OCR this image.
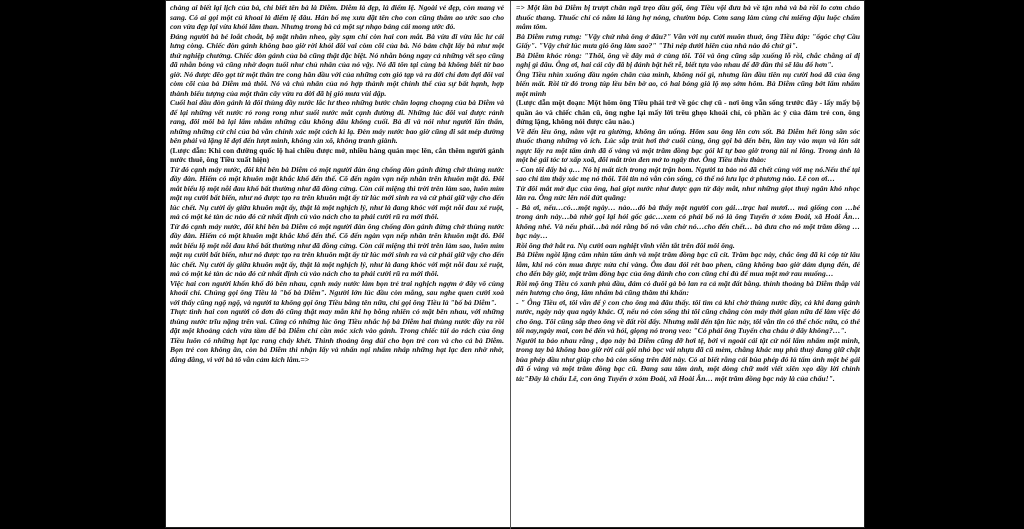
chàng ai biết lại lịch của bà, chỉ biết tên bà là Diễm. Diễm là đẹp, là điểm lệ. Ngoài vẻ đẹp, còn mang vẻ sang. Có ai gọi một cú khoai là điểm lệ đâu. Hán bố mẹ xưa đặt tên cho con cũng thâm ao ước sao cho con vừa đẹp lại vừa khỏi lâm than. Nhưng trong bà cả một sự nhạo báng cái mong ước đó.

Đáng người bà bé loắt choắt, bộ mặt nhăn nheo, gầy sạm chỉ còn hai con mắt. Bà vừa đi vừa lắc lư cái lưng còng. Chiếc đòn gánh không bao giờ rời khỏi đôi vai còm cõi của bà. Nó bám chặt lấy bà như một thứ nghiệp chướng. Chiếc đòn gánh của bà cũng thật đặc biệt. Nó nhẵn bóng ngay cả những vết sẹo cũng đã nhẵn bóng và cũng nhờ đoạn tuổi như chủ nhân của nó vậy. Nó đã tôn tại cùng bà không biết từ bao giờ. Nó được đẽo gọt từ một thân tre cong hăn đầu với của những cơn gió tạp và ra đời chỉ đơn đợi đôi vai còm cõi của bà Diễm mà thôi. Nó và chủ nhân của nó hợp thành một chỉnh thể của sự bất hạnh, hợp thành biểu tượng của một thân cây vừa ra đời đã bị gió mưa vùi dập.

Cuối hai đầu đòn gánh là đôi thùng đầy nước lắc lư theo những bước chân loạng choạng của bà Diễm và để lại những vết nước rỏ rong rong như suối nước mắt cạnh đường đi. Những lúc đôi vai được rảnh rang, đôi môi bà lại lẩm nhẩm những câu không đâu không cuối. Bà đi và nói như người lẩn thẩn, những những cứ chi của bà vẫn chính xác một cách kì lạ. Đèn máy nước bao giờ cũng đi sát mép đường bên phải và lặng lẽ đợi đến lượt mình, không xìn xô, không tranh giành.

(Lược dẫn: Khi con đường quốc lộ hai chiều được mở, nhiều hàng quán mọc lên, cắn thêm người gánh nước thuê, ông Tiều xuất hiện)

Từ đó cạnh máy nước, đôi khi bên bà Diễm có một người đàn ông chống đòn gánh đứng chờ thùng nước đầy đàn. Hiếm có một khuôn mặt khắc khổ đến thế. Cô đến ngàn vạn nếp nhăn trên khuôn mặt đó. Đôi mắt biểu lộ một nỗi đau khổ bất thường như đã đồng cứng. Còn cái miệng thì trời trên làm sao, luôn mím mặt nụ cười bất biến, như nó được tạo ra trên khuôn mặt ấy từ lúc mới sinh ra và cứ phải giữ vậy cho đến lúc chết. Nụ cười ấy giữa khuôn mặt ấy, thật là một nghịch lý, như là đang khóc với một nỗi đau xé ruột, mà có một kẻ tàn ác nào đó cứ nhất định cù vào nách cho ta phải cười rũ ra mới thôi.

Từ đó cạnh máy nước, đôi khi bên bà Diễm có một người đàn ông chống đòn gánh đứng chờ thùng nước đầy đàn. Hiếm có một khuôn mặt khắc khổ đến thế. Cô đến ngàn vạn nếp nhăn trên khuôn mặt đó. Đôi mắt biểu lộ một nỗi đau khổ bất thường như đã đồng cứng. Còn cái miệng thì trời trên làm sao, luôn mím mặt nụ cười bất biến, như nó được tạo ra trên khuôn mặt ấy từ lúc mới sinh ra và cứ phải giữ vậy cho đến lúc chết. Nụ cười ấy giữa khuôn mặt ấy, thật là một nghịch lý, như là đang khóc với một nỗi đau xé ruột, mà có một kẻ tàn ác nào đó cứ nhất định cù vào nách cho ta phải cười rũ ra mới thôi.

Việc hai con người khốn khổ đó bên nhau, cạnh máy nước làm bọn trẻ trai nghịch ngợm ở đây vô cùng khoái chí. Chúng gọi ông Tiều là "bố bà Diễm". Người lớn lúc đầu còn mắng, sau nghe quen cười xoà với thấy cũng ngộ ngộ, và người ta không gọi ông Tiều bằng tên nữa, chỉ gọi ông Tiều là "bố bà Diễm".

Thực tình hai con người cô đơn đó cũng thật may mắn khi họ bỗng nhiên có mặt bên nhau, với những thùng nước trĩu nặng trên vai. Cũng có những lúc ông Tiều nhắc hộ bà Diễm hai thùng nước đầy ra rồi đặt một khoảng cách vừa tầm để bà Diễm chỉ cần móc xích vào gánh. Trong chiếc túi áo rách của ông Tiều luôn có những hạt lạc rang cháy khét. Thình thoảng ông dúi cho bọn trẻ con và cho cả bà Diễm. Bọn trẻ con không ăn, còn bà Diễm thì nhận lấy và nhấn nại nhấm nháp những hạt lạc đen nhờ nhờ, đắng đẳng, vì với bà tô vẫn cảm kích lắm.=>

=> Một lần bà Diễm bị trượt chân ngã trẹo đầu gối, ông Tiều vội đưa bà về tận nhà và bà rồi lo cơm cháo thuốc thang. Thuốc chỉ có nắm lá làng hợ nóng, chườm bóp. Cơm sang làm cùng chỉ miếng đậu luộc chấm mắm tôm.

Bà Diễm rưng rưng: "Vậy chứ nhà ông ở đâu?" Vẫn với nụ cười muôn thuở, ông Tiều đáp: "ốgóc chợ Cầu Giấy". "Vậy chứ lúc mưa gió ông làm sao?" "Thì nép dưới hiên của nhà nào đó chứ gì".

Bà Diễm khóc ròng: "Thôi, ông về đây mà ở cùng tôi. Tôi và ông cũng sắp xuống lỗ rồi, chắc chẳng ai dị nghị gì đâu. Ông ơi, hai cái cây đã bị đánh bật hết rễ, biết tựa vào nhau để đỡ đần thì sẽ lâu đổ hơn".

Ông Tiều nhìn xuống đầu ngón chân của mình, không nói gì, nhưng lần đầu tiên nụ cười hoá đã của ông biến mất. Rồi từ đó trong túp lều bên bờ ao, có hai bóng già lộ mọ sớm hôm. Bà Diễm cũng bớt lẩm nhẩm một mình

(Lược dẫn một đoạn: Một hôm ông Tiều phải trở về góc chợ cũ - nơi ông vẫn sống trước đây - lấy mấy bộ quần áo và chiếc chăn cũ, ông nghe lại mấy lời trêu ghẹo khoái chí, có phần ác ý của đám trẻ con, ông đứng lặng, không nói được câu nào.)

Về đến lều ông, nằm vật ra giường, không ăn uống. Hôm sau ông lên cơn sốt. Bà Diễm hết lòng săn sóc thuốc thang những vô ích. Lúc sắp trút hơi thở cuối cùng, ông gọi bà đến bên, lần tay vào mụn và lôn sát ngực lấy ra một tấm ảnh đã ố vàng và một trăm đồng bạc gói kĩ tự bao giờ trong túi ni lông. Trong ảnh là một bé gái tóc tơ xấp xoã, đôi mắt tròn đen mở to ngây thơ. Ông Tiều thều thào:

- Con tôi đấy bà ạ… Nó bị mất tích trong một trận bom. Người ta bảo nó đã chết cùng với mẹ nó.Nếu thế tại sao chỉ tìm thấy xác mẹ nó thôi. Tôi tin nó vẫn còn sống, có thể nó lưu lạc ở phương nào. Lê con ơi…

Từ đôi mắt mờ đục của ông, hai giọt nước như được gạn từ đáy mắt, như những giọt thuỷ ngân khó nhọc lăn ra. Ông nức lên nói đứt quãng:

- Bà ơi, nếu…có…một ngày… nào…đó bà thấy một người con gái…trạc hai mươi… má giống con …bé trong ảnh này…bà nhờ gọi lại hỏi gốc gác…xem có phải bố nó là ông Tuyển ở xóm Đoài, xã Hoài Ân…không nhé. Và nếu phải…bà nói rằng bố nó vẫn chờ nó…cho đến chết… bà đưa cho nó một trăm đồng …bạc này…

Rồi ông thở hắt ra. Nụ cười oan nghiệt vĩnh viễn tắt trên đôi môi ông.

Bà Diễm ngồi lặng câm nhìn tấm ảnh và một trăm đồng bạc cũ cít. Trăm bạc này, chắc ông đã kì cóp từ lâu lắm, khi nó còn mua được nửa chỉ vàng. Ôm đau đói rét bao phen, cũng không bao giờ dám dụng đến, để cho đến bây giờ, một trăm đồng bạc của ông dành cho con cũng chỉ đủ để mua một mớ rau muống…

Rồi mộ ông Tiều có xanh phủ đầu, đám cỏ đuôi gà bò lan ra cả mặt đất bằng. thỉnh thoảng bà Diễm thắp vài nén hương cho ông, lâm nhẩm bà cũng thăm thì khấn:

- " Ông Tiều ơi, tôi vẫn để ý con cho ông mà đâu thấy. tôi tìm cả khi chờ thùng nước đầy, cả khi đang gánh nước, ngày này qua ngày khác. Ơ, nếu nó còn sống thì tôi cũng chẳng còn máy thời gian nữa để làm việc đó cho ông. Tôi cũng sắp theo ông về đất rồi đấy. Nhưng mãi đến tận lúc này, tôi vẫn tin có thể chốc nữa, có thể tối nay,ngày mai, con bé đến và hỏi, giọng nó trong veo: "Có phải ông Tuyển cha cháu ở đây không?…".

Người ta bảo nhau rằng , dạo này bà Diễm cũng đỡ hơi tệ, bởi vì ngoài cái tật cứ nói lẩm nhẩm một mình, trong tay bà không bao giờ rời cái gói nhỏ bọc vải nhựa đã cũ mèm, chẳng khác mụ phù thuỷ đang giữ chặt bùa phép đầu như giúp cho bà còn sống trên đời này. Có ai biết rằng cái bùa phép đó là tấm ảnh một bé gái đã ố vàng và một trăm đồng bạc cũ. Đang sau tâm ảnh, một dòng chữ mới viết xiên xẹo đầy lời chỉnh tả:"Đây là chấu Lê, con ông Tuyển ở xóm Đoài, xã Hoài Ân… một trăm đồng bạc này là của chấu!".
